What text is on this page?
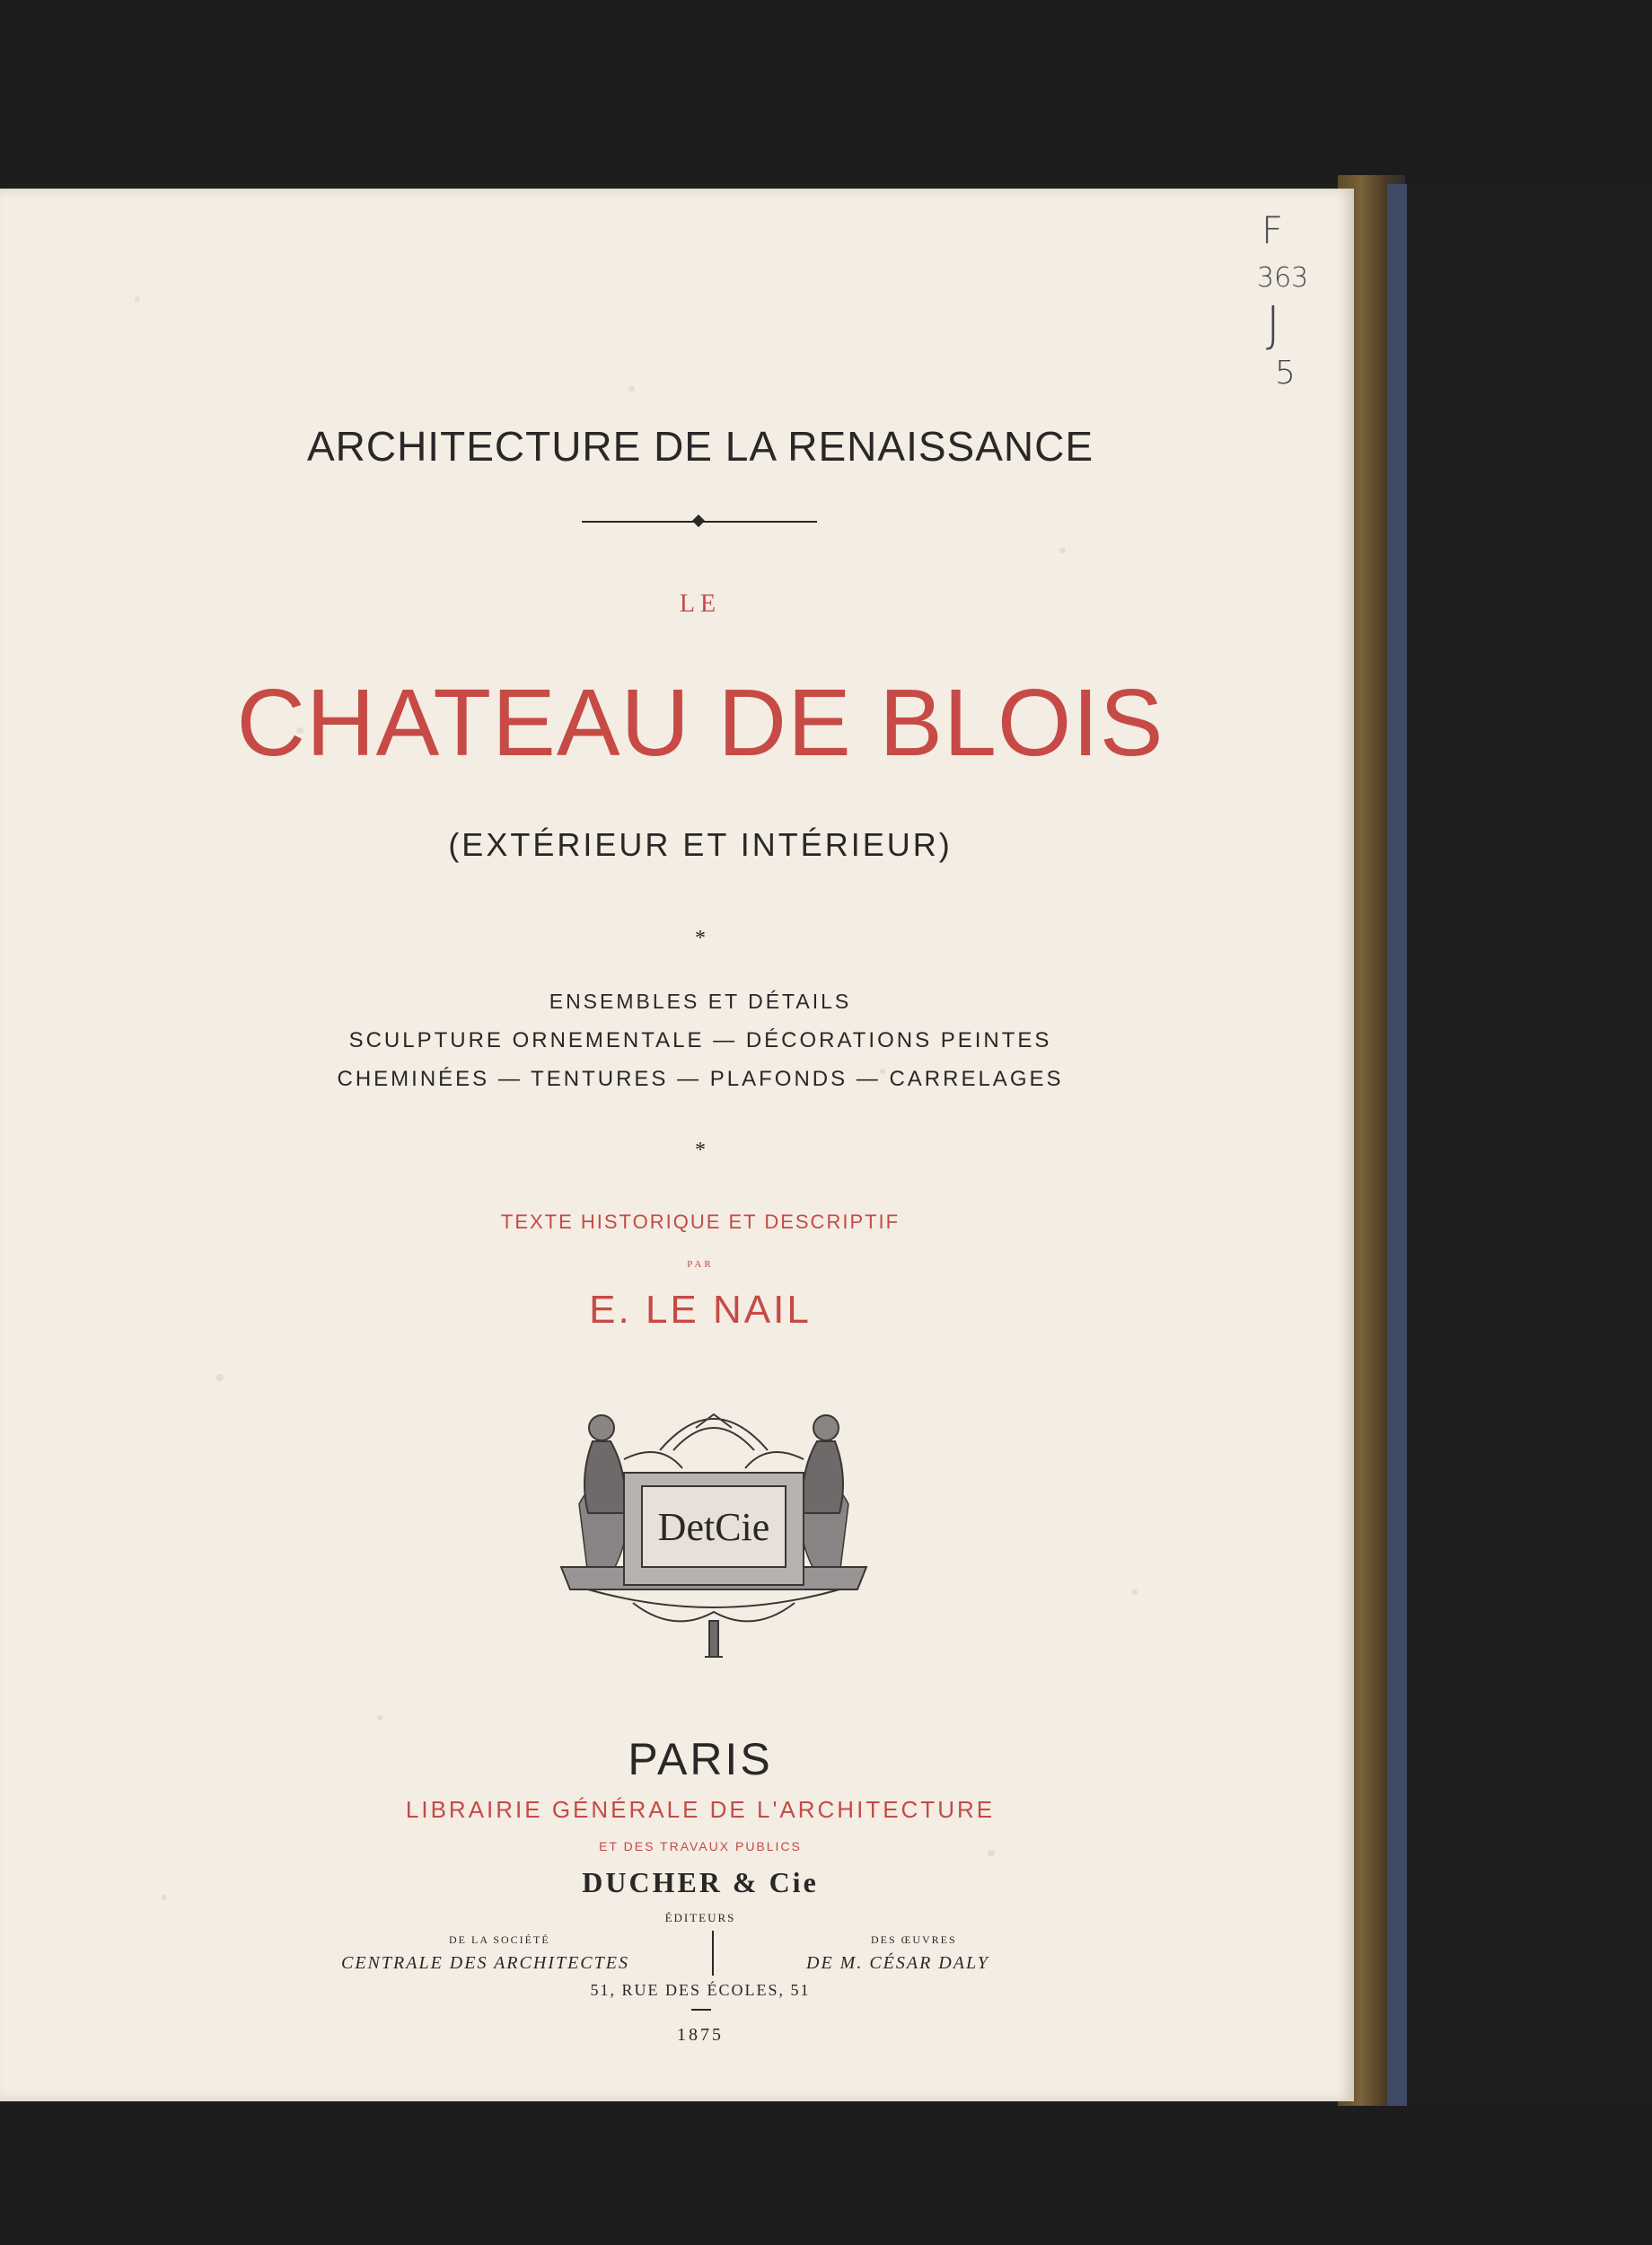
F
363
J
5
ARCHITECTURE DE LA RENAISSANCE
LE
CHATEAU DE BLOIS
(EXTÉRIEUR ET INTÉRIEUR)
*
ENSEMBLES ET DÉTAILS
SCULPTURE ORNEMENTALE — DÉCORATIONS PEINTES
CHEMINÉES — TENTURES — PLAFONDS — CARRELAGES
*
TEXTE HISTORIQUE ET DESCRIPTIF
PAR
E. LE NAIL
DetCie
PARIS
LIBRAIRIE GÉNÉRALE DE L'ARCHITECTURE
ET DES TRAVAUX PUBLICS
DUCHER & Cie
ÉDITEURS
DE LA SOCIÉTÉ
CENTRALE DES ARCHITECTES
DES ŒUVRES
DE M. CÉSAR DALY
51, RUE DES ÉCOLES, 51
1875
